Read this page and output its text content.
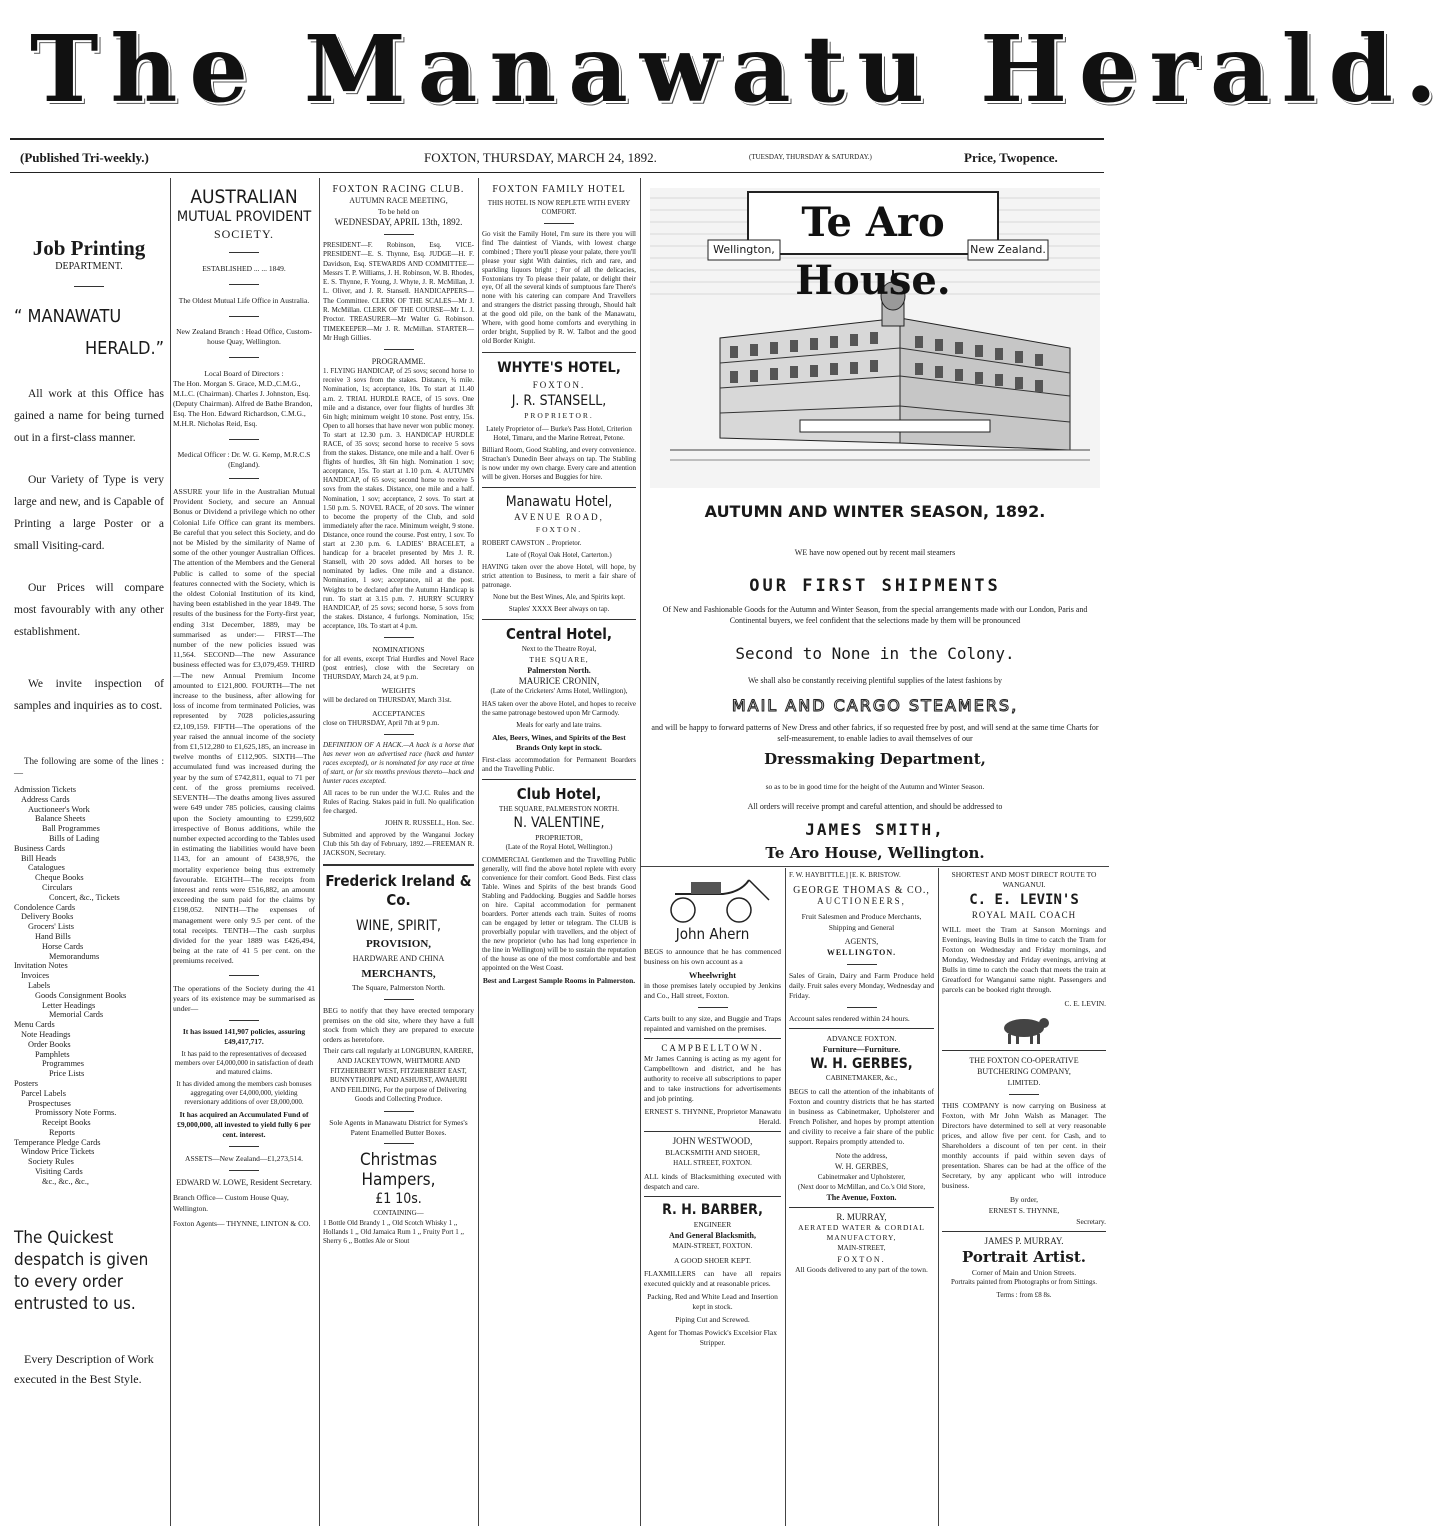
The Manawatu Herald.
(Published Tri-weekly.)	FOXTON, THURSDAY, MARCH 24, 1892.	(TUESDAY, THURSDAY & SATURDAY.)	Price, Twopence.
Job Printing
DEPARTMENT.
“ MANAWATU
HERALD.”

All work at this Office has gained a name for being turned out in a first-class manner.

Our Variety of Type is very large and new, and is Capable of Printing a large Poster or a small Visiting-card.

Our Prices will compare most favourably with any other establishment.

We invite inspection of samples and inquiries as to cost.

The following are some of the lines :—

Admission Tickets
Address Cards
Auctioneer's Work
Balance Sheets
Ball Programmes
Bills of Lading
Business Cards
Bill Heads
Catalogues
Cheque Books
Circulars
Concert, &c., Tickets
Condolence Cards
Delivery Books
Grocers' Lists
Hand Bills
Horse Cards
Memorandums
Invitation Notes
Invoices
Labels
Goods Consignment Books
Letter Headings
Memorial Cards
Menu Cards
Note Headings
Order Books
Pamphlets
Programmes
Price Lists
Posters
Parcel Labels
Prospectuses
Promissory Note Forms.
Receipt Books
Reports
Temperance Pledge Cards
Window Price Tickets
Society Rules
Visiting Cards
&c., &c., &c.,
The Quickest despatch is given to every order entrusted to us.

Every Description of Work executed in the Best Style.

AUSTRALIAN
MUTUAL PROVIDENT
SOCIETY.
ESTABLISHED ... ... 1849.
The Oldest Mutual Life Office in Australia.
New Zealand Branch : Head Office, Custom-house Quay, Wellington.
Local Board of Directors :
The Hon. Morgan S. Grace, M.D.,C.M.G., M.L.C. (Chairman). Charles J. Johnston, Esq. (Deputy Chairman). Alfred de Bathe Brandon, Esq. The Hon. Edward Richardson, C.M.G., M.H.R. Nicholas Reid, Esq.
Medical Officer : Dr. W. G. Kemp, M.R.C.S (England).

ASSURE your life in the Australian Mutual Provident Society, and secure an Annual Bonus or Dividend a privilege which no other Colonial Life Office can grant its members. Be careful that you select this Society, and do not be Misled by the similarity of Name of some of the other younger Australian Offices. The attention of the Members and the General Public is called to some of the special features connected with the Society, which is the oldest Colonial Institution of its kind, having been established in the year 1849. The results of the business for the Forty-first year, ending 31st December, 1889, may be summarised as under:— FIRST—The number of the new policies issued was 11,564. SECOND—The new Assurance business effected was for £3,079,459. THIRD—The new Annual Premium Income amounted to £121,800. FOURTH—The net increase to the business, after allowing for loss of income from terminated Policies, was represented by 7028 policies,assuring £2,109,159. FIFTH—The operations of the year raised the annual income of the society from £1,512,280 to £1,625,185, an increase in twelve months of £112,905. SIXTH—The accumulated fund was increased during the year by the sum of £742,811, equal to 71 per cent. of the gross premiums received. SEVENTH—The deaths among lives assured were 649 under 785 policies, causing claims upon the Society amounting to £299,602 irrespective of Bonus additions, while the number expected according to the Tables used in estimating the liabilities would have been 1143, for an amount of £438,976, the mortality experience being thus extremely favourable. EIGHTH—The receipts from interest and rents were £516,882, an amount exceeding the sum paid for the claims by £198,052. NINTH—The expenses of management were only 9.5 per cent. of the total receipts. TENTH—The cash surplus divided for the year 1889 was £426,494, being at the rate of 41 5 per cent. on the premiums received.

The operations of the Society during the 41 years of its existence may be summarised as under—

It has issued 141,907 policies, assuring £49,417,717.

It has paid to the representatives of deceased members over £4,000,000 in satisfaction of death and matured claims.

It has divided among the members cash bonuses aggregating over £4,000,000, yielding reversionary additions of over £8,000,000.

It has acquired an Accumulated Fund of £9,000,000, all invested to yield fully 6 per cent. interest.

ASSETS—New Zealand—£1,273,514.
EDWARD W. LOWE, Resident Secretary.
Branch Office— Custom House Quay, Wellington.
Foxton Agents— THYNNE, LINTON & CO.
FOXTON RACING CLUB.
AUTUMN RACE MEETING,
To be held on
WEDNESDAY, APRIL 13th, 1892.

PRESIDENT—F. Robinson, Esq. VICE-PRESIDENT—E. S. Thynne, Esq. JUDGE—H. F. Davidson, Esq. STEWARDS AND COMMITTEE—Messrs T. P. Williams, J. H. Robinson, W. B. Rhodes, E. S. Thynne, F. Young, J. Whyte, J. R. McMillan, J. L. Oliver, and J. R. Stansell. HANDICAPPERS—The Committee. CLERK OF THE SCALES—Mr J. R. McMillan. CLERK OF THE COURSE—Mr L. J. Proctor. TREASURER—Mr Walter G. Robinson. TIMEKEEPER—Mr J. R. McMillan. STARTER—Mr Hugh Gillies.

PROGRAMME.

1. FLYING HANDICAP, of 25 sovs; second horse to receive 3 sovs from the stakes. Distance, ¾ mile. Nomination, 1s; acceptance, 10s. To start at 11.40 a.m. 2. TRIAL HURDLE RACE, of 15 sovs. One mile and a distance, over four flights of hurdles 3ft 6in high; minimum weight 10 stone. Post entry, 15s. Open to all horses that have never won public money. To start at 12.30 p.m. 3. HANDICAP HURDLE RACE, of 35 sovs; second horse to receive 5 sovs from the stakes. Distance, one mile and a half. Over 6 flights of hurdles, 3ft 6in high. Nomination 1 sov; acceptance, 15s. To start at 1.10 p.m. 4. AUTUMN HANDICAP, of 65 sovs; second horse to receive 5 sovs from the stakes. Distance, one mile and a half. Nomination, 1 sov; acceptance, 2 sovs. To start at 1.50 p.m. 5. NOVEL RACE, of 20 sovs. The winner to become the property of the Club, and sold immediately after the race. Minimum weight, 9 stone. Distance, once round the course. Post entry, 1 sov. To start at 2.30 p.m. 6. LADIES' BRACELET, a handicap for a bracelet presented by Mrs J. R. Stansell, with 20 sovs added. All horses to be nominated by ladies. One mile and a distance. Nomination, 1 sov; acceptance, nil at the post. Weights to be declared after the Autumn Handicap is run. To start at 3.15 p.m. 7. HURRY SCURRY HANDICAP, of 25 sovs; second horse, 5 sovs from the stakes. Distance, 4 furlongs. Nomination, 15s; acceptance, 10s. To start at 4 p.m.

NOMINATIONS

for all events, except Trial Hurdles and Novel Race (post entries), close with the Secretary on THURSDAY, March 24, at 9 p.m.

WEIGHTS

will be declared on THURSDAY, March 31st.

ACCEPTANCES

close on THURSDAY, April 7th at 9 p.m.

DEFINITION OF A HACK.—A hack is a horse that has never won an advertised race (hack and hunter races excepted), or is nominated for any race at time of start, or for six months previous thereto—hack and hunter races excepted.

All races to be run under the W.J.C. Rules and the Rules of Racing. Stakes paid in full. No qualification fee charged.

JOHN R. RUSSELL, Hon. Sec.

Submitted and approved by the Wanganui Jockey Club this 5th day of February, 1892.—FREEMAN R. JACKSON, Secretary.

Frederick Ireland & Co.
WINE, SPIRIT,
PROVISION,
HARDWARE AND CHINA
MERCHANTS,
The Square, Palmerston North.

BEG to notify that they have erected temporary premises on the old site, where they have a full stock from which they are prepared to execute orders as heretofore.

Their carts call regularly at LONGBURN, KARERE, AND JACKEYTOWN, WHITMORE AND FITZHERBERT WEST, FITZHERBERT EAST, BUNNYTHORPE AND ASHURST, AWAHURI AND FEILDING, For the purpose of Delivering Goods and Collecting Produce.

Sole Agents in Manawatu District for Symes's Patent Enamelled Butter Boxes.

Christmas Hampers,
£1 10s.
CONTAINING—

1 Bottle Old Brandy 1 ,, Old Scotch Whisky 1 ,, Hollands 1 ,, Old Jamaica Rum 1 ,, Fruity Port 1 ,, Sherry 6 ,, Bottles Ale or Stout

FOXTON FAMILY HOTEL
THIS HOTEL IS NOW REPLETE WITH EVERY COMFORT.

Go visit the Family Hotel, I'm sure its there you will find The daintiest of Viands, with lowest charge combined ; There you'll please your palate, there you'll please your sight With dainties, rich and rare, and sparkling liquors bright ; For of all the delicacies, Foxtonians try To please their palate, or delight their eye, Of all the several kinds of sumptuous fare There's none with his catering can compare And Travellers and strangers the district passing through, Should halt at the good old pile, on the bank of the Manawatu, Where, with good home comforts and everything in order bright, Supplied by R. W. Talbot and the good old Border Knight.

WHYTE'S HOTEL,
FOXTON.
J. R. STANSELL,
PROPRIETOR.

Lately Proprietor of— Burke's Pass Hotel, Criterion Hotel, Timaru, and the Marine Retreat, Petone.

Billiard Room, Good Stabling, and every convenience. Strachan's Dunedin Beer always on tap. The Stabling is now under my own charge. Every care and attention will be given. Horses and Buggies for hire.

Manawatu Hotel,
AVENUE ROAD,
FOXTON.

ROBERT CAWSTON .. Proprietor.

Late of (Royal Oak Hotel, Carterton.)

HAVING taken over the above Hotel, will hope, by strict attention to Business, to merit a fair share of patronage.

None but the Best Wines, Ale, and Spirits kept.

Staples' XXXX Beer always on tap.

Central Hotel,
Next to the Theatre Royal,
THE SQUARE,
Palmerston North.
MAURICE CRONIN,
(Late of the Cricketers' Arms Hotel, Wellington),

HAS taken over the above Hotel, and hopes to receive the same patronage bestowed upon Mr Carmody.

Meals for early and late trains.

Ales, Beers, Wines, and Spirits of the Best Brands Only kept in stock.

First-class accommodation for Permanent Boarders and the Travelling Public.

Club Hotel,
THE SQUARE, PALMERSTON NORTH.
N. VALENTINE,
PROPRIETOR,
(Late of the Royal Hotel, Wellington.)

COMMERCIAL Gentlemen and the Travelling Public generally, will find the above hotel replete with every convenience for their comfort. Good Beds. First class Table. Wines and Spirits of the best brands Good Stabling and Paddocking. Buggies and Saddle horses on hire. Capital accommodation for permanent boarders. Porter attends each train. Suites of rooms can be engaged by letter or telegram. The CLUB is proverbially popular with travellers, and the object of the new proprietor (who has had long experience in the line in Wellington) will be to sustain the reputation of the house as one of the most comfortable and best appointed on the West Coast.

Best and Largest Sample Rooms in Palmerston.

Te Aro House.
Wellington,	New Zealand.
AUTUMN AND WINTER SEASON, 1892.
WE have now opened out by recent mail steamers
OUR FIRST SHIPMENTS
Of New and Fashionable Goods for the Autumn and Winter Season, from the special arrangements made with our London, Paris and Continental buyers, we feel confident that the selections made by them will be pronounced
Second to None in the Colony.
We shall also be constantly receiving plentiful supplies of the latest fashions by
MAIL AND CARGO STEAMERS,
and will be happy to forward patterns of New Dress and other fabrics, if so requested free by post, and will send at the same time Charts for self-measurement, to enable ladies to avail themselves of our
Dressmaking Department,
so as to be in good time for the height of the Autumn and Winter Season.
All orders will receive prompt and careful attention, and should be addressed to
JAMES SMITH,
Te Aro House, Wellington.
John Ahern

BEGS to announce that he has commenced business on his own account as a

Wheelwright

in those premises lately occupied by Jenkins and Co., Hall street, Foxton.

Carts built to any size, and Buggie and Traps repainted and varnished on the premises.

CAMPBELLTOWN.

Mr James Canning is acting as my agent for Campbelltown and district, and he has authority to receive all subscriptions to paper and to take instructions for advertisements and job printing.

ERNEST S. THYNNE, Proprietor Manawatu Herald.

JOHN WESTWOOD,
BLACKSMITH AND SHOER,
HALL STREET, FOXTON.

ALL kinds of Blacksmithing executed with despatch and care.

R. H. BARBER,
ENGINEER
And General Blacksmith,
MAIN-STREET, FOXTON.
A GOOD SHOER KEPT.

FLAXMILLERS can have all repairs executed quickly and at reasonable prices.

Packing, Red and White Lead and Insertion kept in stock.

Piping Cut and Screwed.

Agent for Thomas Powick's Excelsior Flax Stripper.

F. W. HAYBITTLE.] [E. K. BRISTOW.
GEORGE THOMAS & CO.,
AUCTIONEERS,

Fruit Salesmen and Produce Merchants, Shipping and General

AGENTS,
WELLINGTON.

Sales of Grain, Dairy and Farm Produce held daily. Fruit sales every Monday, Wednesday and Friday.

Account sales rendered within 24 hours.

ADVANCE FOXTON.
Furniture—Furniture.
W. H. GERBES,
CABINETMAKER, &c.,

BEGS to call the attention of the inhabitants of Foxton and country districts that he has started in business as Cabinetmaker, Upholsterer and French Polisher, and hopes by prompt attention and civility to receive a fair share of the public support. Repairs promptly attended to.

Note the address,
W. H. GERBES,
Cabinetmaker and Upholsterer,
(Next door to McMillan, and Co.'s Old Store,
The Avenue, Foxton.
R. MURRAY,
AERATED WATER & CORDIAL MANUFACTORY,
MAIN-STREET,
FOXTON.

All Goods delivered to any part of the town.

SHORTEST AND MOST DIRECT ROUTE TO WANGANUI.
C. E. LEVIN'S
ROYAL MAIL COACH

WILL meet the Tram at Sanson Mornings and Evenings, leaving Bulls in time to catch the Tram for Foxton on Wednesday and Friday mornings, and Monday, Wednesday and Friday evenings, arriving at Bulls in time to catch the coach that meets the train at Greatford for Wanganui same night. Passengers and parcels can be booked right through.

C. E. LEVIN.

THE FOXTON CO-OPERATIVE
BUTCHERING COMPANY,
LIMITED.

THIS COMPANY is now carrying on Business at Foxton, with Mr John Walsh as Manager. The Directors have determined to sell at very reasonable prices, and allow five per cent. for Cash, and to Shareholders a discount of ten per cent. in their monthly accounts if paid within seven days of presentation. Shares can be had at the office of the Secretary, by any applicant who will introduce business.

By order,
ERNEST S. THYNNE,
Secretary.
JAMES P. MURRAY.
Portrait Artist.
Corner of Main and Union Streets.
Portraits painted from Photographs or from Sittings.
Terms : from £8 8s.
